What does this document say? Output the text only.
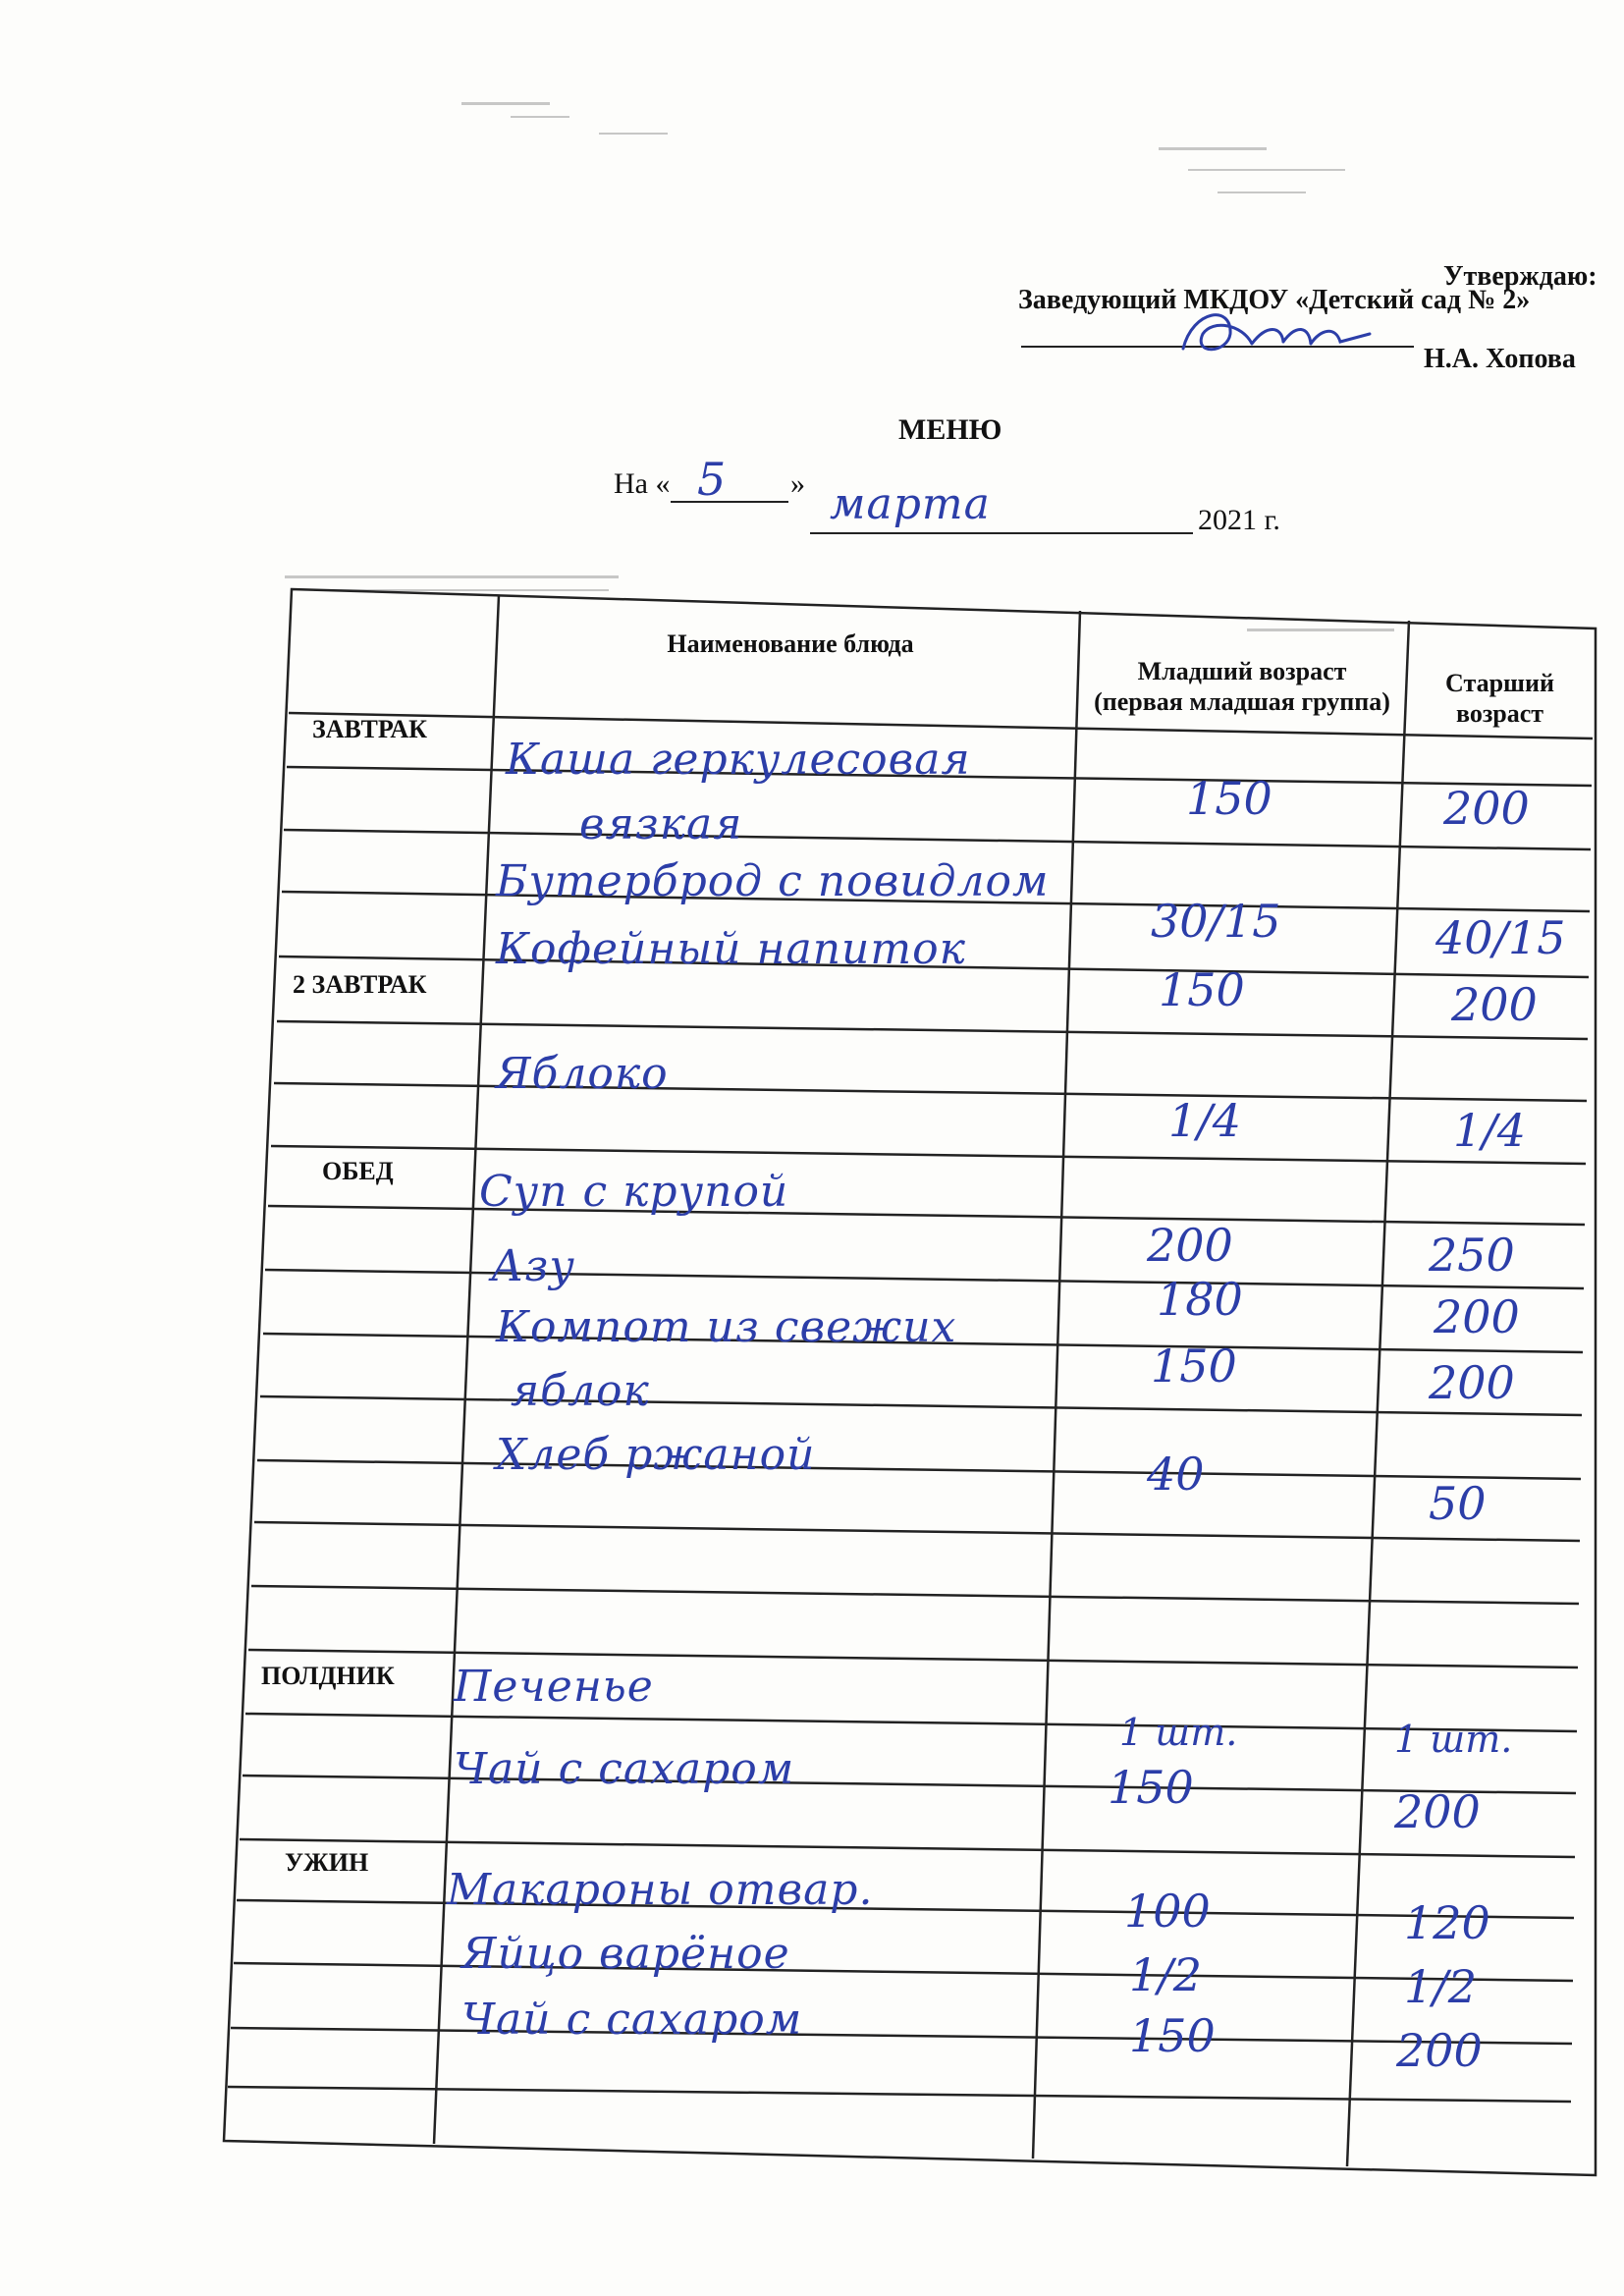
Утверждаю:
Заведующий МКДОУ «Детский сад № 2»
Н.А. Хопова
МЕНЮ
На « 5 » марта	2021 г.
Наименование блюда
Младший возраст (первая младшая группа)
Старший возраст
ЗАВТРАК
2 ЗАВТРАК
ОБЕД
ПОЛДНИК
УЖИН
Каша геркулесовая
вязкая
Бутерброд с повидлом
Кофейный напиток
Яблоко
Суп с крупой
Азу
Компот из свежих
яблок
Хлеб ржаной
Печенье
Чай с сахаром
Макароны отвар.
Яйцо варёное
Чай с сахаром
150
30/15
150
1/4
200
180
150
40
1 шт.
150
100
1/2
150
200
40/15
200
1/4
250
200
200
50
1 шт.
200
120
1/2
200
